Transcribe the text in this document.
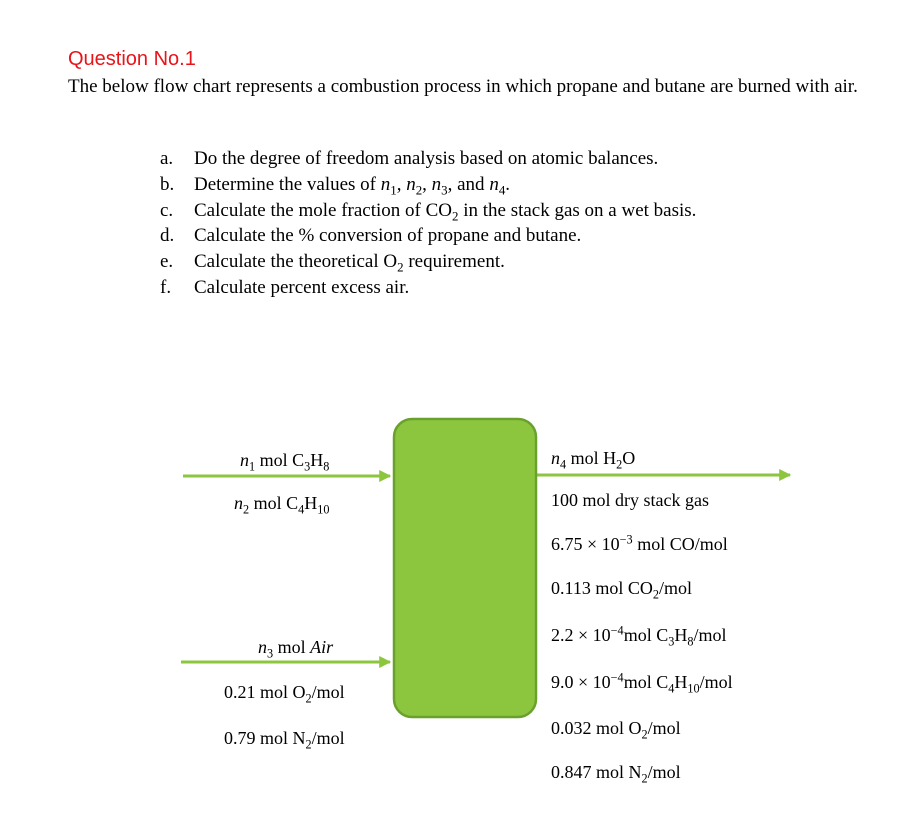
Question No.1

The below flow chart represents a combustion process in which propane and butane are burned with air.

a. Do the degree of freedom analysis based on atomic balances.
b. Determine the values of $n_1$, $n_2$, $n_3$, and $n_4$.
c. Calculate the mole fraction of $CO_2$ in the stack gas on a wet basis.
d. Calculate the % conversion of propane and butane.
e. Calculate the theoretical $O_2$ requirement.
f. Calculate percent excess air.
$n_1$ mol $C_3H_8$
$n_2$ mol $C_4H_{10}$
$n_3$ mol Air
0.21 mol $O_2$/mol
0.79 mol $N_2$/mol
$n_4$ mol $H_2O$
100 mol dry stack gas
$6.75 \times 10^{-3}$ mol CO/mol
0.113 mol $CO_2$/mol
$2.2 \times 10^{-4}mol$ $C_3H_8$/mol
$9.0 \times 10^{-4}mol$ $C_4H_{10}$/mol
0.032 mol $O_2$/mol
0.847 mol $N_2$/mol
